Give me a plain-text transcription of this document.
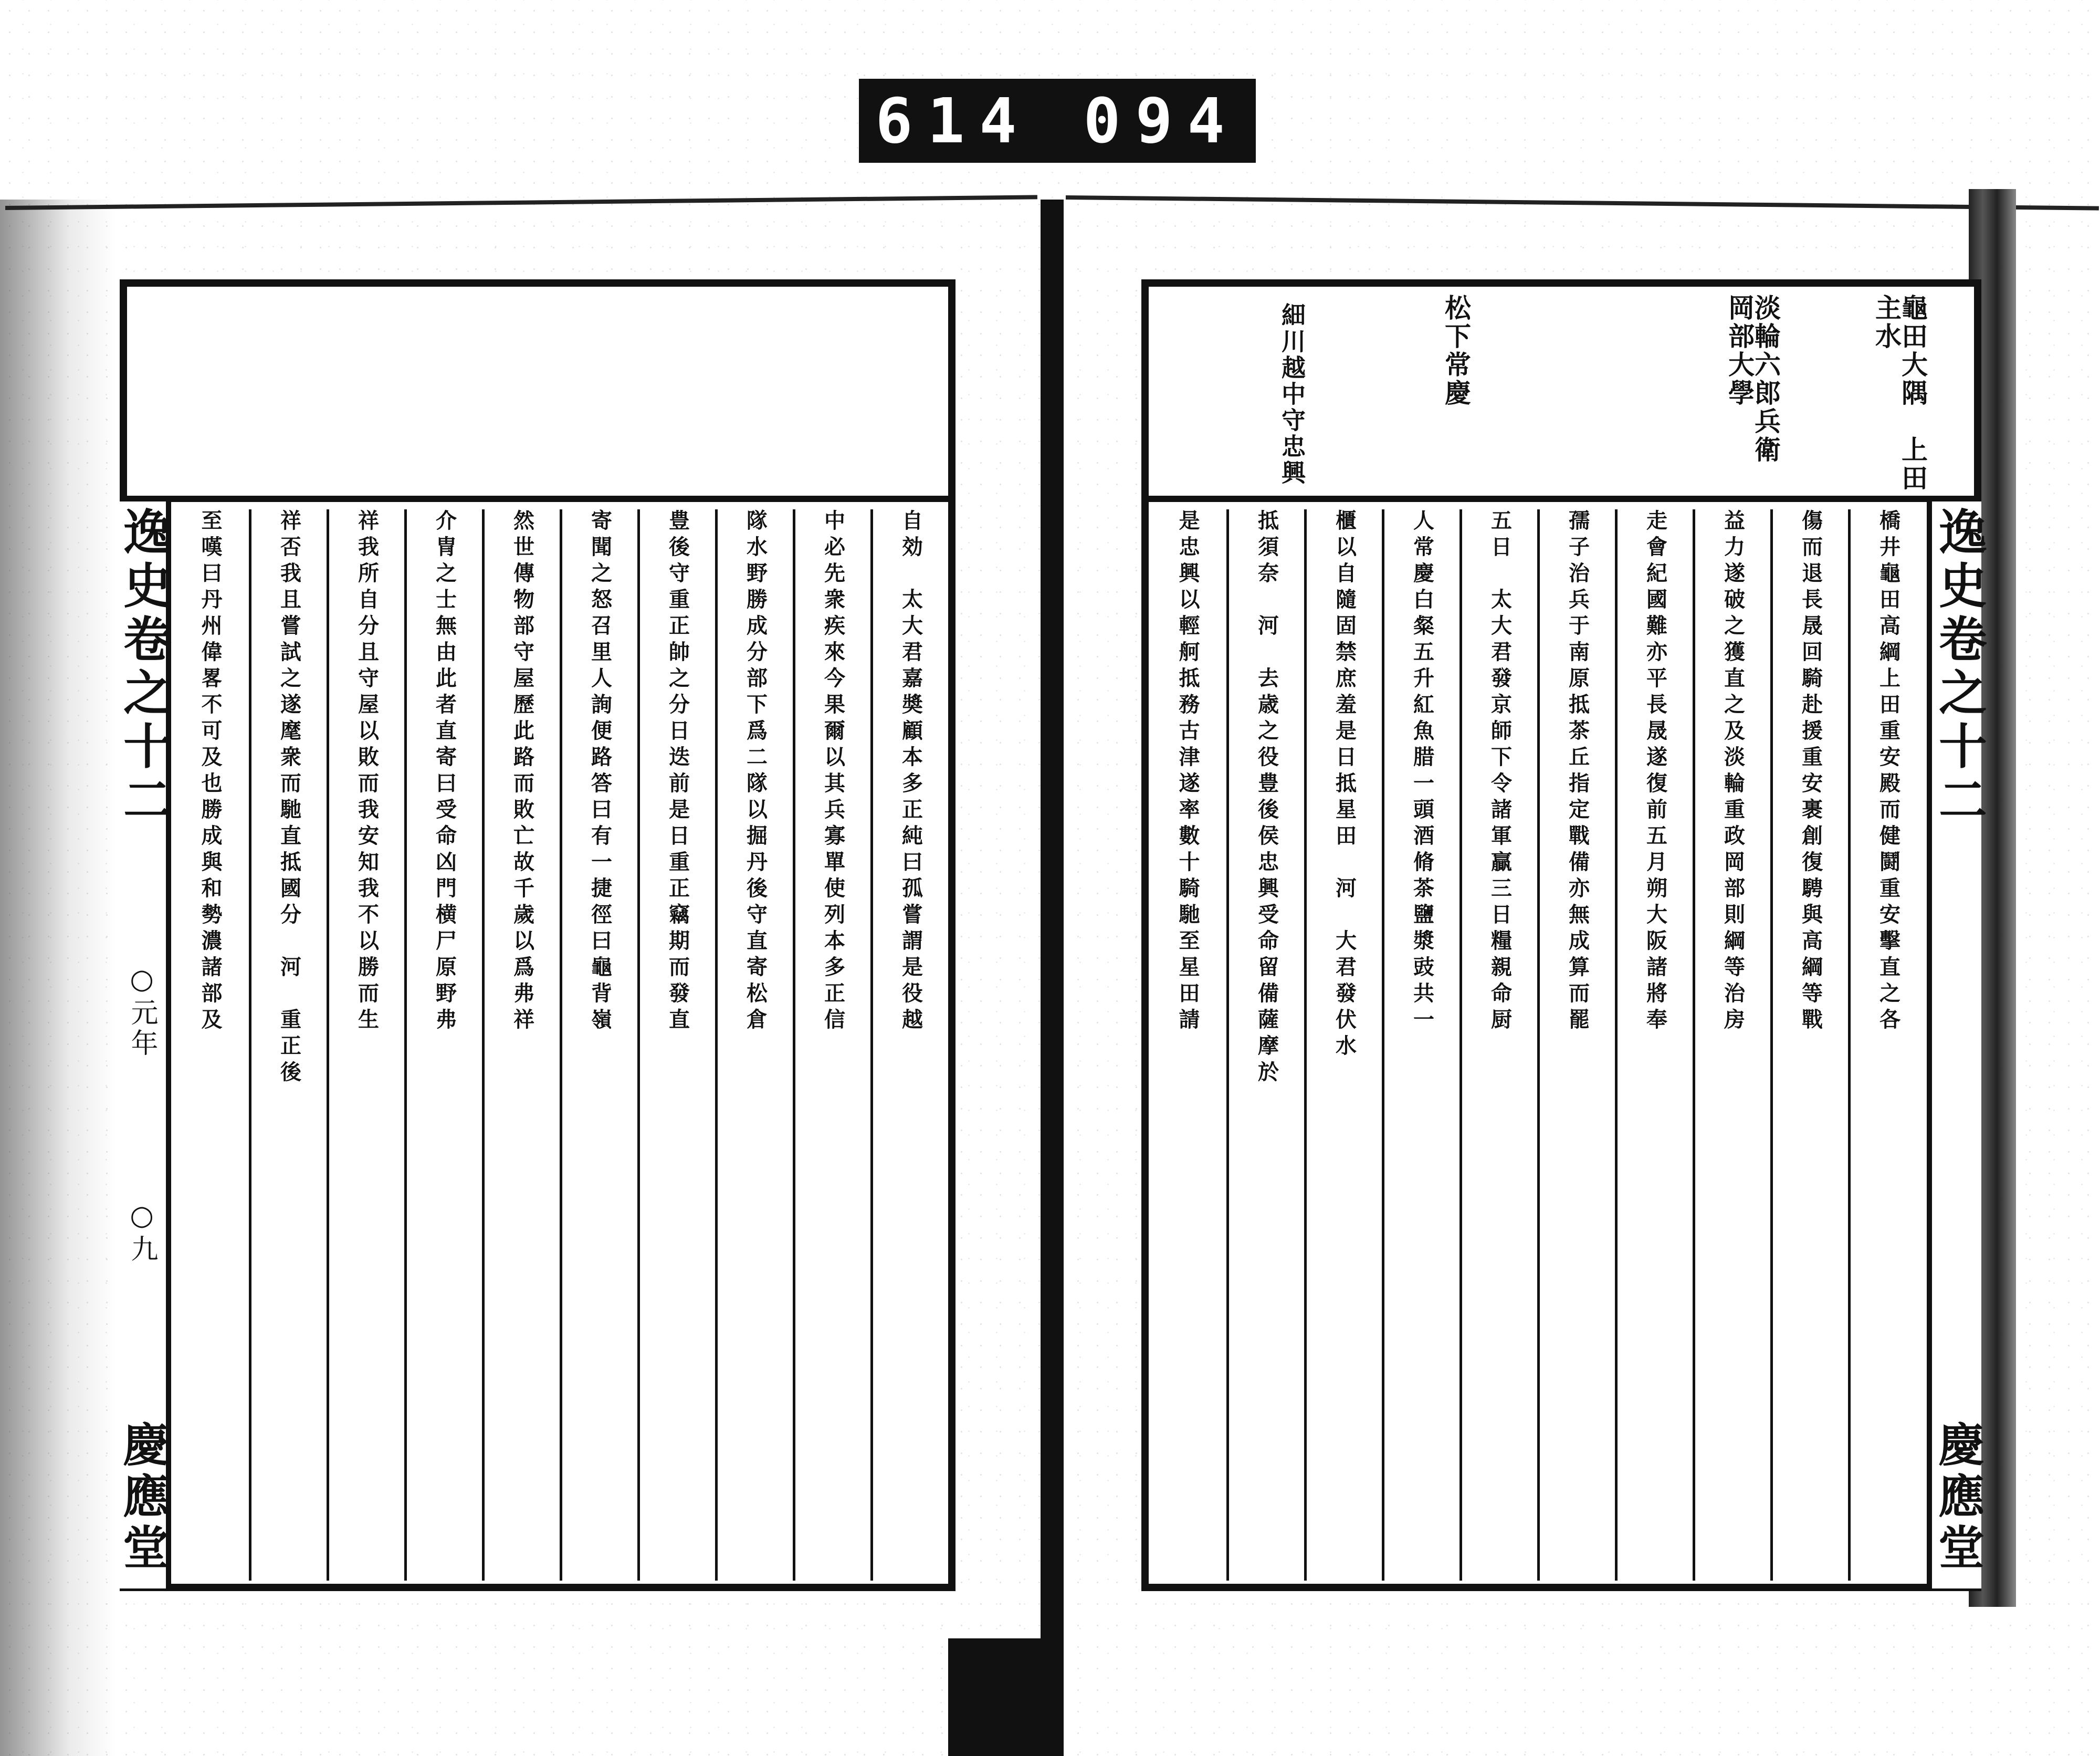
614 094
逸史卷之十二
○元年
○九
慶應堂
自効　太大君嘉奬顧本多正純曰孤嘗謂是役越
中必先衆疾來今果爾以其兵寡單使列本多正信
隊水野勝成分部下爲二隊以掘丹後守直寄松倉
豊後守重正帥之分日迭前是日重正竊期而發直
寄聞之怒召里人詢便路答曰有一捷徑曰龜背嶺
然世傳物部守屋歷此路而敗亡故千歲以爲弗祥
介冑之士無由此者直寄曰受命凶門横尸原野弗
祥我所自分且守屋以敗而我安知我不以勝而生
祥否我且嘗試之遂麾衆而馳直抵國分　河　重正後
至嘆曰丹州偉畧不可及也勝成與和勢濃諸部及
龜田大隅　上田主水
淡輪六郎兵衛　岡部大學
松下常慶
細川越中守忠興
逸史卷之十二
慶應堂
橋井龜田高綱上田重安殿而健鬪重安擊直之各
傷而退長晟回騎赴援重安裹創復騁與高綱等戰
益力遂破之獲直之及淡輪重政岡部則綱等治房
走會紀國難亦平長晟遂復前五月朔大阪諸將奉
孺子治兵于南原抵茶丘指定戰備亦無成算而罷
五日　太大君發京師下令諸軍贏三日糧親命厨
人常慶白粲五升紅魚腊一頭酒脩茶鹽漿豉共一
櫃以自隨固禁庶羞是日抵星田　河　大君發伏水
抵須奈　河　去歳之役豊後侯忠興受命留備薩摩於
是忠興以輕舸抵務古津遂率數十騎馳至星田請
